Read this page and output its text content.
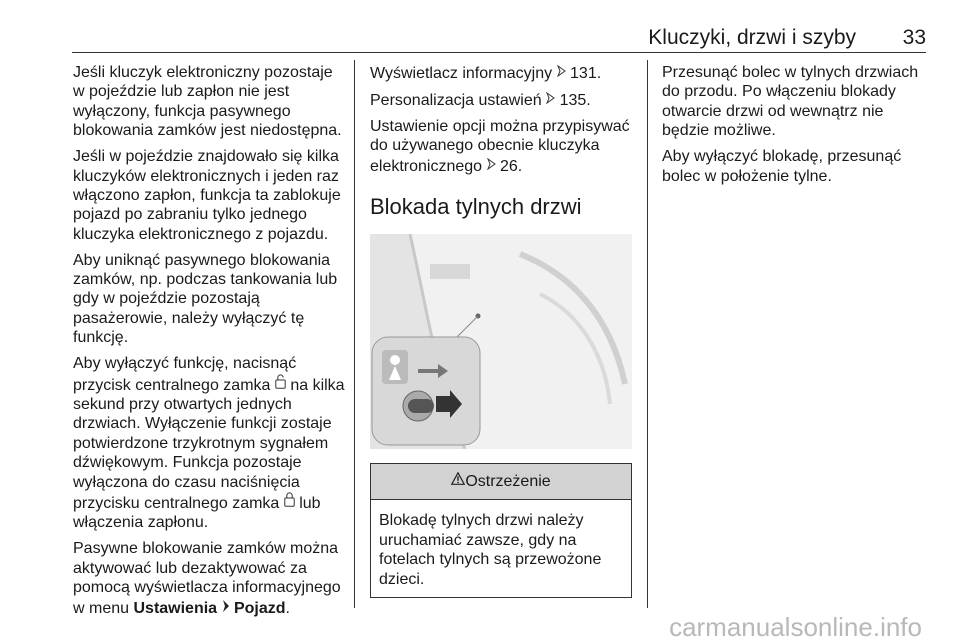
Kluczyki, drzwi i szyby 33

Jeśli kluczyk elektroniczny pozostaje w pojeździe lub zapłon nie jest wyłączony, funkcja pasywnego blokowania zamków jest niedostępna.

Jeśli w pojeździe znajdowało się kilka kluczyków elektronicznych i jeden raz włączono zapłon, funkcja ta zablokuje pojazd po zabraniu tylko jednego kluczyka elektronicznego z pojazdu.

Aby uniknąć pasywnego blokowania zamków, np. podczas tankowania lub gdy w pojeździe pozostają pasażerowie, należy wyłączyć tę funkcję.

Aby wyłączyć funkcję, nacisnąć przycisk centralnego zamka na kilka sekund przy otwartych jednych drzwiach. Wyłączenie funkcji zostaje potwierdzone trzykrotnym sygnałem dźwiękowym. Funkcja pozostaje wyłączona do czasu naciśnięcia przycisku centralnego zamka lub włączenia zapłonu.

Pasywne blokowanie zamków można aktywować lub dezaktywować za pomocą wyświetlacza informacyjnego w menu Ustawienia Pojazd.

Wyświetlacz informacyjny 131.

Personalizacja ustawień 135.

Ustawienie opcji można przypisywać do używanego obecnie kluczyka elektronicznego 26.

Blokada tylnych drzwi
Ostrzeżenie
Blokadę tylnych drzwi należy uruchamiać zawsze, gdy na fotelach tylnych są przewożone dzieci.

Przesunąć bolec w tylnych drzwiach do przodu. Po włączeniu blokady otwarcie drzwi od wewnątrz nie będzie możliwe.

Aby wyłączyć blokadę, przesunąć bolec w położenie tylne.

carmanualsonline.info
